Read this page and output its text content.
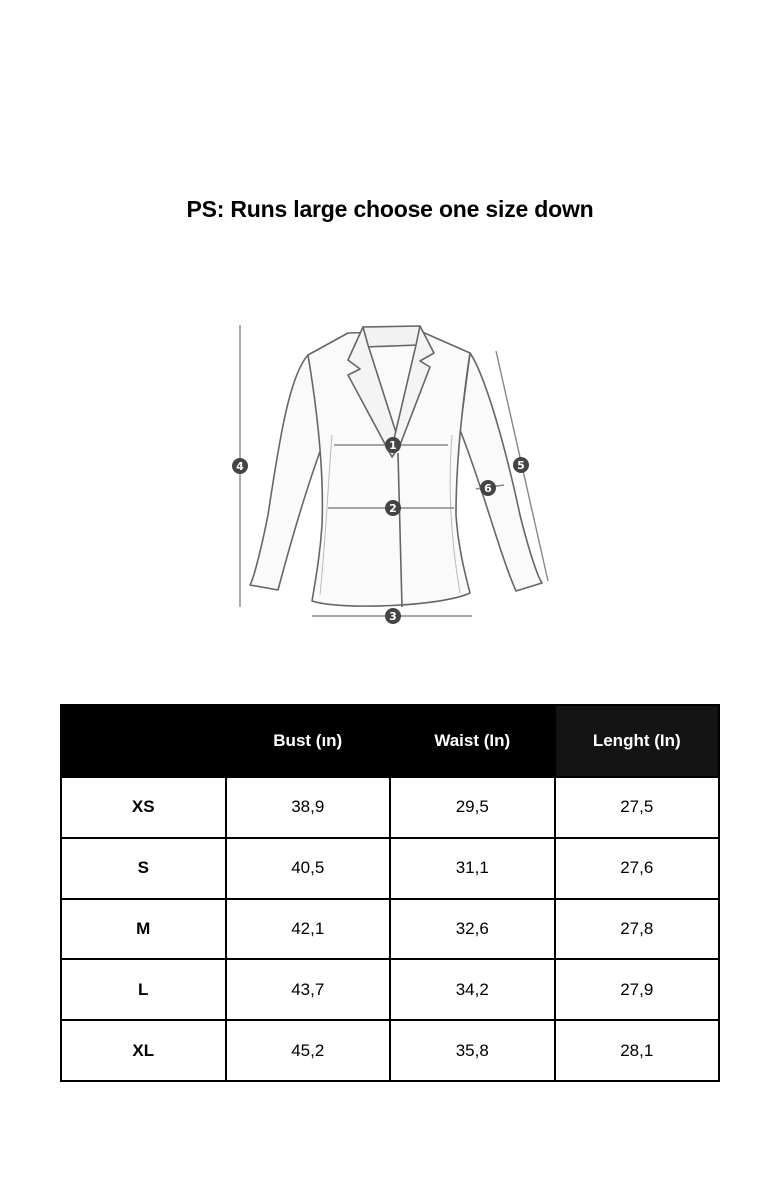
PS: Runs large choose one size down
1
2
3
4	5
6
	Bust (ın)	Waist (In)	Lenght (In)
XS	38,9	29,5	27,5
S	40,5	31,1	27,6
M	42,1	32,6	27,8
L	43,7	34,2	27,9
XL	45,2	35,8	28,1
